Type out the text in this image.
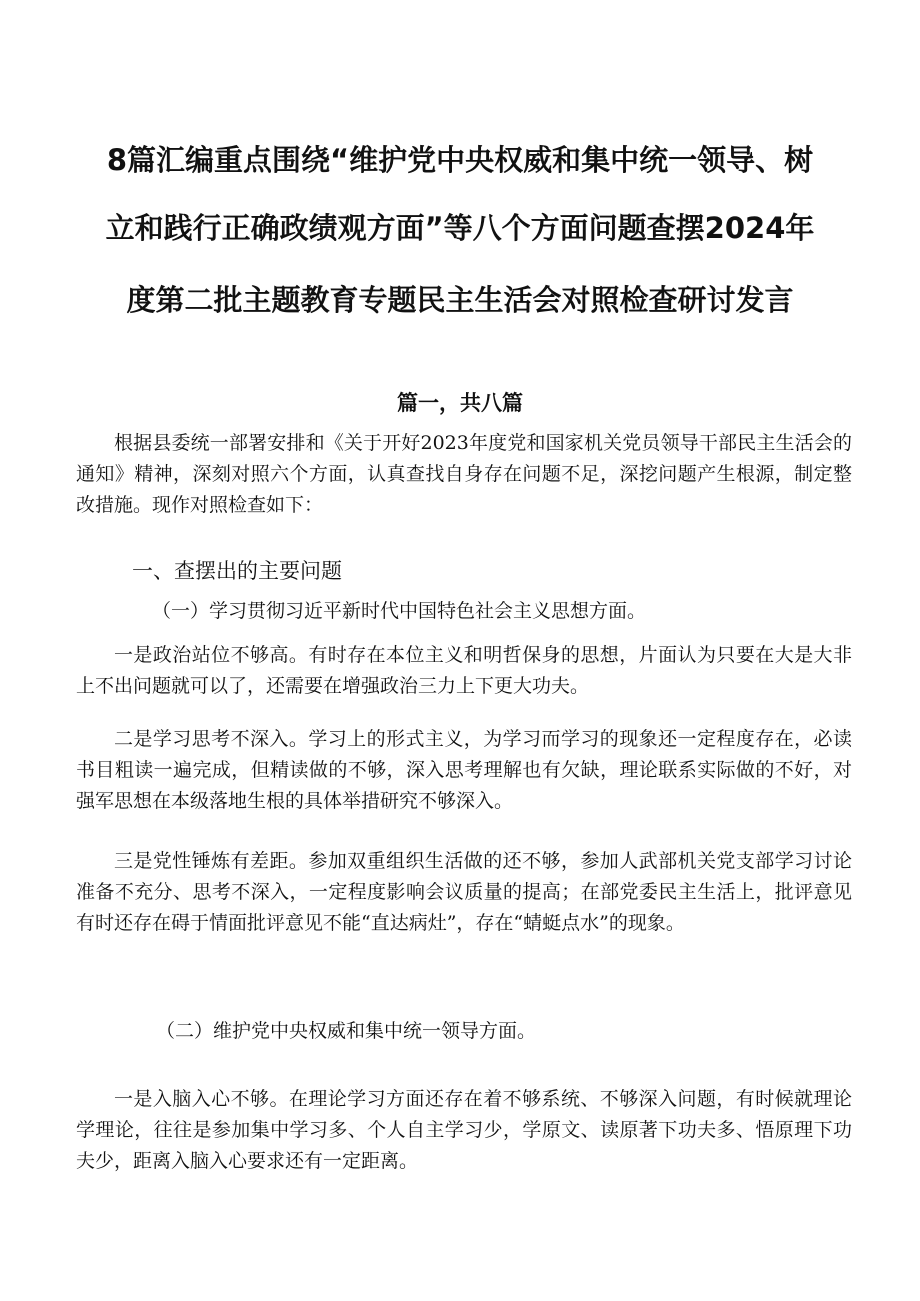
8篇汇编重点围绕“维护党中央权威和集中统一领导、树
立和践行正确政绩观方面”等八个方面问题查摆2024年
度第二批主题教育专题民主生活会对照检查研讨发言
篇一，共八篇

根据县委统一部署安排和《关于开好2023年度党和国家机关党员领导干部民主生活会的通知》精神，深刻对照六个方面，认真查找自身存在问题不足，深挖问题产生根源，制定整改措施。现作对照检查如下：

一、查摆出的主要问题
（一）学习贯彻习近平新时代中国特色社会主义思想方面。

一是政治站位不够高。有时存在本位主义和明哲保身的思想，片面认为只要在大是大非上不出问题就可以了，还需要在增强政治三力上下更大功夫。

二是学习思考不深入。学习上的形式主义，为学习而学习的现象还一定程度存在，必读书目粗读一遍完成，但精读做的不够，深入思考理解也有欠缺，理论联系实际做的不好，对强军思想在本级落地生根的具体举措研究不够深入。

三是党性锤炼有差距。参加双重组织生活做的还不够，参加人武部机关党支部学习讨论准备不充分、思考不深入，一定程度影响会议质量的提高；在部党委民主生活上，批评意见有时还存在碍于情面批评意见不能“直达病灶”，存在“蜻蜓点水”的现象。

（二）维护党中央权威和集中统一领导方面。

一是入脑入心不够。在理论学习方面还存在着不够系统、不够深入问题，有时候就理论学理论，往往是参加集中学习多、个人自主学习少，学原文、读原著下功夫多、悟原理下功夫少，距离入脑入心要求还有一定距离。
